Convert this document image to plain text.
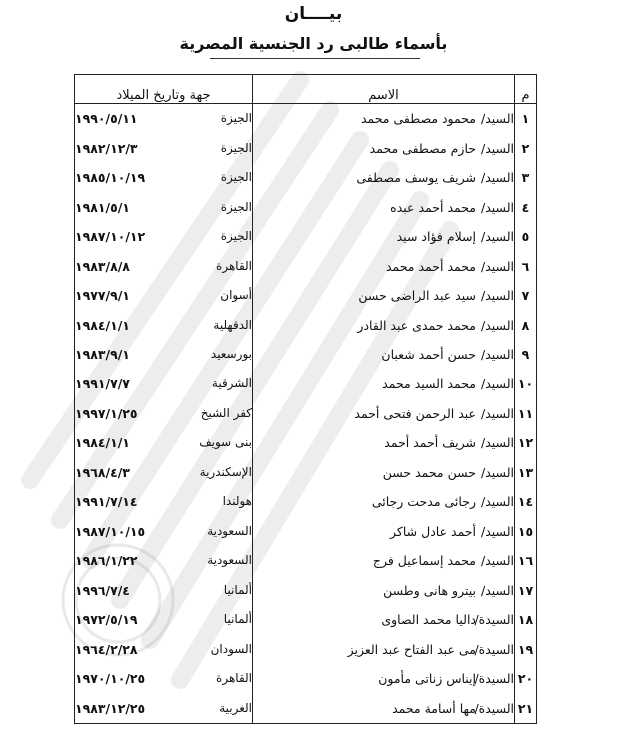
بيــــان
بأسماء طالبى رد الجنسية المصرية
م	الاسم	جهة وتاريخ الميلاد
١	السيد/محمود مصطفى محمد	الجيزة
١٩٩٠/٥/١١

٢	السيد/حازم مصطفى محمد	الجيزة
١٩٨٢/١٢/٣

٣	السيد/شريف يوسف مصطفى	الجيزة
١٩٨٥/١٠/١٩

٤	السيد/محمد أحمد عبده	الجيزة
١٩٨١/٥/١

٥	السيد/إسلام فؤاد سيد	الجيزة
١٩٨٧/١٠/١٢

٦	السيد/محمد أحمد محمد	القاهرة
١٩٨٣/٨/٨

٧	السيد/سيد عبد الراضى حسن	أسوان
١٩٧٧/٩/١

٨	السيد/محمد حمدى عبد القادر	الدقهلية
١٩٨٤/١/١

٩	السيد/حسن أحمد شعبان	بورسعيد
١٩٨٣/٩/١

١٠	السيد/محمد السيد محمد	الشرقية
١٩٩١/٧/٧

١١	السيد/عبد الرحمن فتحى أحمد	كفر الشيخ
١٩٩٧/١/٢٥

١٢	السيد/شريف أحمد أحمد	بنى سويف
١٩٨٤/١/١

١٣	السيد/حسن محمد حسن	الإسكندرية
١٩٦٨/٤/٣

١٤	السيد/رجائى مدحت رجائى	هولندا
١٩٩١/٧/١٤

١٥	السيد/أحمد عادل شاكر	السعودية
١٩٨٧/١٠/١٥

١٦	السيد/محمد إسماعيل فرج	السعودية
١٩٨٦/١/٢٢

١٧	السيد/بيترو هانى وطسن	ألمانيا
١٩٩٦/٧/٤

١٨	السيدة/داليا محمد الصاوى	ألمانيا
١٩٧٢/٥/١٩

١٩	السيدة/مى عبد الفتاح عبد العزيز	السودان
١٩٦٤/٢/٢٨

٢٠	السيدة/إيناس زناتى مأمون	القاهرة
١٩٧٠/١٠/٢٥

٢١	السيدة/مها أسامة محمد	الغربية
١٩٨٣/١٢/٢٥
